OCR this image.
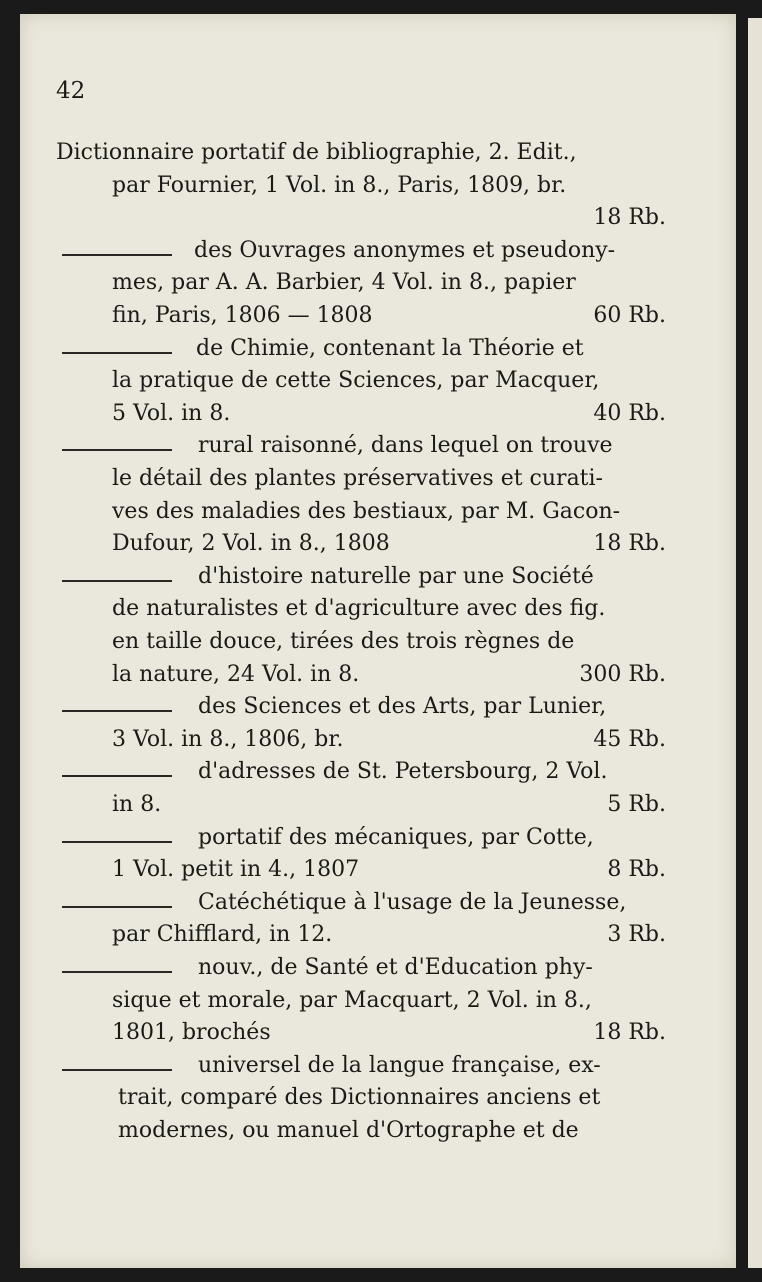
42
Dictionnaire portatif de bibliographie, 2. Edit.,
par Fournier, 1 Vol. in 8., Paris, 1809, br.
18 Rb.
des Ouvrages anonymes et pseudony-
mes, par A. A. Barbier, 4 Vol. in 8., papier
fin, Paris, 1806 — 1808	60 Rb.
de Chimie, contenant la Théorie et
la pratique de cette Sciences, par Macquer,
5 Vol. in 8.	40 Rb.
rural raisonné, dans lequel on trouve
le détail des plantes préservatives et curati-
ves des maladies des bestiaux, par M. Gacon-
Dufour, 2 Vol. in 8., 1808	18 Rb.
d'histoire naturelle par une Société
de naturalistes et d'agriculture avec des fig.
en taille douce, tirées des trois règnes de
la nature, 24 Vol. in 8.	300 Rb.
des Sciences et des Arts, par Lunier,
3 Vol. in 8., 1806, br.	45 Rb.
d'adresses de St. Petersbourg, 2 Vol.
in 8.	5 Rb.
portatif des mécaniques, par Cotte,
1 Vol. petit in 4., 1807	8 Rb.
Catéchétique à l'usage de la Jeunesse,
par Chifflard, in 12.	3 Rb.
nouv., de Santé et d'Education phy-
sique et morale, par Macquart, 2 Vol. in 8.,
1801, brochés	18 Rb.
universel de la langue française, ex-
trait, comparé des Dictionnaires anciens et
modernes, ou manuel d'Ortographe et de
